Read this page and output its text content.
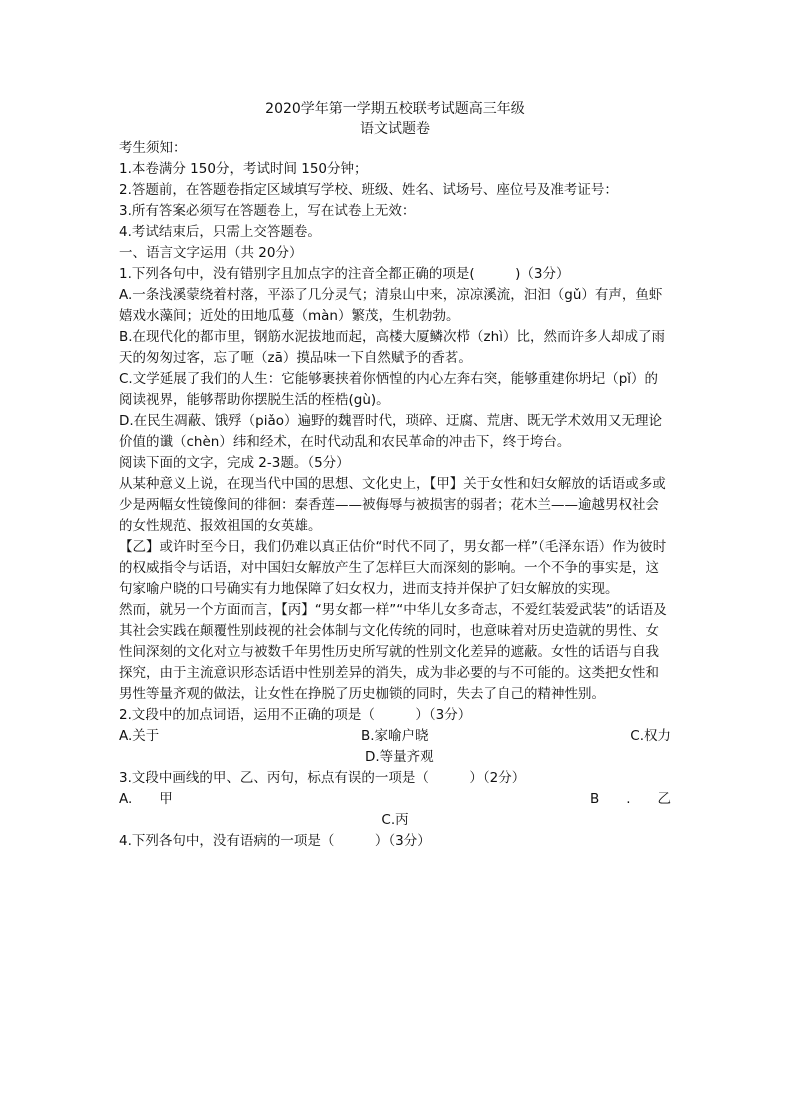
2020学年第一学期五校联考试题高三年级
语文试题卷
考生须知：
1.本卷满分 150分，考试时间 150分钟；
2.答题前，在答题卷指定区域填写学校、班级、姓名、试场号、座位号及准考证号：
3.所有答案必须写在答题卷上，写在试卷上无效：
4.考试结束后，只需上交答题卷。
一、语言文字运用（共 20分）
1.下列各句中，没有错别字且加点字的注音全都正确的项是(　　　)（3分）
A.一条浅溪蒙绕着村落，平添了几分灵气；清泉山中来，凉凉溪流，汩汩（gǔ）有声，鱼虾嬉戏水藻间；近处的田地瓜蔓（màn）繁茂，生机勃勃。
B.在现代化的都市里，钢筋水泥拔地而起，高楼大厦鳞次栉（zhì）比，然而许多人却成了雨天的匆匆过客，忘了咂（zā）摸品味一下自然赋予的香茗。
C.文学延展了我们的人生：它能够裹挟着你恓惶的内心左奔右突，能够重建你坍圮（pǐ）的阅读视界，能够帮助你摆脱生活的桎梏(gù)。
D.在民生凋蔽、饿殍（piǎo）遍野的魏晋时代，琐碎、迂腐、荒唐、既无学术效用又无理论价值的谶（chèn）纬和经术，在时代动乱和农民革命的冲击下，终于垮台。
阅读下面的文字，完成 2-3题。（5分）
从某种意义上说，在现当代中国的思想、文化史上，【甲】关于女性和妇女解放的话语或多或少是两幅女性镜像间的徘徊：秦香莲——被侮辱与被损害的弱者；花木兰——逾越男权社会的女性规范、报效祖国的女英雄。
【乙】或许时至今日，我们仍难以真正估价“时代不同了，男女都一样”（毛泽东语）作为彼时的权威指令与话语，对中国妇女解放产生了怎样巨大而深刻的影响。一个不争的事实是，这句家喻户晓的口号确实有力地保障了妇女权力，进而支持并保护了妇女解放的实现。
然而，就另一个方面而言，【丙】“男女都一样”“中华儿女多奇志，不爱红装爱武装”的话语及其社会实践在颠覆性别歧视的社会体制与文化传统的同时，也意味着对历史造就的男性、女性间深刻的文化对立与被数千年男性历史所写就的性别文化差异的遮蔽。女性的话语与自我探究，由于主流意识形态话语中性别差异的消失，成为非必要的与不可能的。这类把女性和男性等量齐观的做法，让女性在挣脱了历史枷锁的同时，失去了自己的精神性别。
2.文段中的加点词语，运用不正确的项是（　　　）（3分）
A.关于	B.家喻户晓	C.权力
D.等量齐观
3.文段中画线的甲、乙、丙句，标点有误的一项是（　　　）（2分）
A.　　甲	B　　.　　乙
C.丙
4.下列各句中，没有语病的一项是（　　　）（3分）
